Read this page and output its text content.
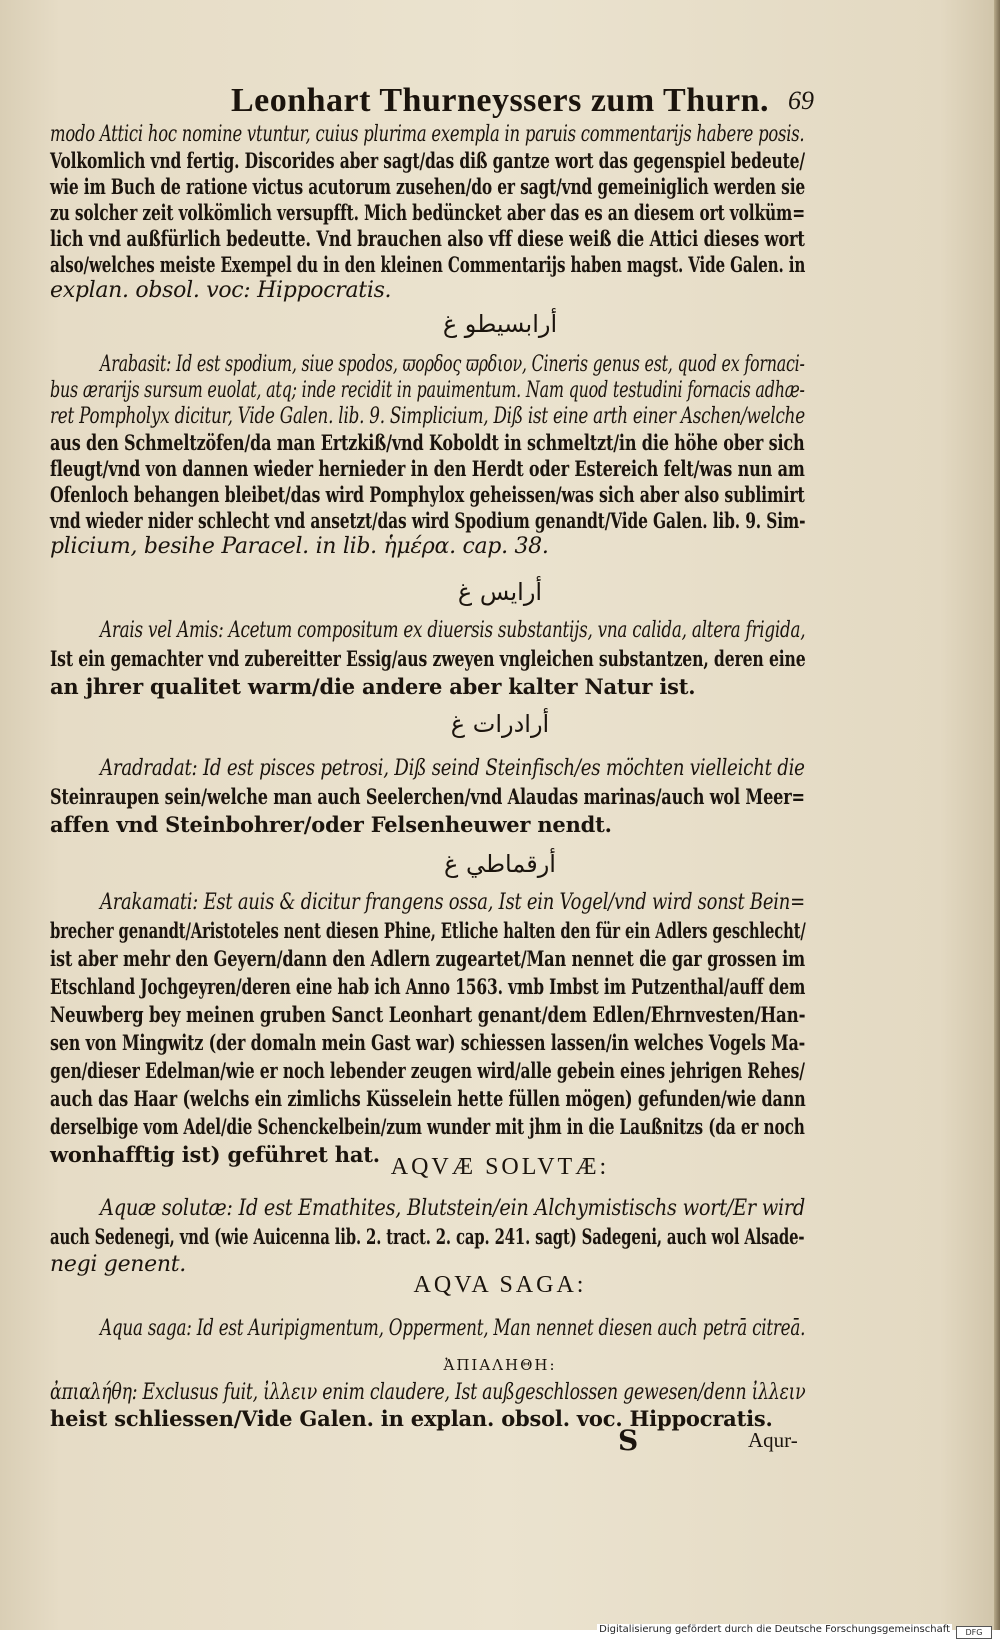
Leonhart Thurneyssers zum Thurn. 69
modo Attici hoc nomine vtuntur, cuius plurima exempla in paruis commentarijs habere posis.
Volkomlich vnd fertig. Discorides aber sagt/das diß gantze wort das gegenspiel bedeute/
wie im Buch de ratione victus acutorum zusehen/do er sagt/vnd gemeiniglich werden sie
zu solcher zeit volkömlich versupfft. Mich bedüncket aber das es an diesem ort volküm=
lich vnd außfürlich bedeutte. Vnd brauchen also vff diese weiß die Attici dieses wort
also/welches meiste Exempel du in den kleinen Commentarijs haben magst. Vide Galen. in
explan. obsol. voc: Hippocratis.
أرابسيطو ﻍ
Arabasit: Id est spodium, siue spodos, ϖορδος ϖρδιον, Cineris genus est, quod ex fornaci-
bus ærarijs sursum euolat, atq; inde recidit in pauimentum. Nam quod testudini fornacis adhæ-
ret Pompholyx dicitur, Vide Galen. lib. 9. Simplicium, Diß ist eine arth einer Aschen/welche
aus den Schmeltzöfen/da man Ertzkiß/vnd Koboldt in schmeltzt/in die höhe ober sich
fleugt/vnd von dannen wieder hernieder in den Herdt oder Estereich felt/was nun am
Ofenloch behangen bleibet/das wird Pomphylox geheissen/was sich aber also sublimirt
vnd wieder nider schlecht vnd ansetzt/das wird Spodium genandt/Vide Galen. lib. 9. Sim-
plicium, besihe Paracel. in lib. ἡμέρα. cap. 38.
أرايس ﻍ
Arais vel Amis: Acetum compositum ex diuersis substantijs, vna calida, altera frigida,
Ist ein gemachter vnd zubereitter Essig/aus zweyen vngleichen substantzen, deren eine
an jhrer qualitet warm/die andere aber kalter Natur ist.
أرادرات ﻍ
Aradradat: Id est pisces petrosi, Diß seind Steinfisch/es möchten vielleicht die
Steinraupen sein/welche man auch Seelerchen/vnd Alaudas marinas/auch wol Meer=
affen vnd Steinbohrer/oder Felsenheuwer nendt.
أرقماطي ﻍ
Arakamati: Est auis & dicitur frangens ossa, Ist ein Vogel/vnd wird sonst Bein=
brecher genandt/Aristoteles nent diesen Phine, Etliche halten den für ein Adlers geschlecht/
ist aber mehr den Geyern/dann den Adlern zugeartet/Man nennet die gar grossen im
Etschland Jochgeyren/deren eine hab ich Anno 1563. vmb Imbst im Putzenthal/auff dem
Neuwberg bey meinen gruben Sanct Leonhart genant/dem Edlen/Ehrnvesten/Han-
sen von Mingwitz (der domaln mein Gast war) schiessen lassen/in welches Vogels Ma-
gen/dieser Edelman/wie er noch lebender zeugen wird/alle gebein eines jehrigen Rehes/
auch das Haar (welchs ein zimlichs Küsselein hette füllen mögen) gefunden/wie dann
derselbige vom Adel/die Schenckelbein/zum wunder mit jhm in die Laußnitzs (da er noch
wonhafftig ist) geführet hat. AQVÆ SOLVTÆ:
Aquæ solutæ: Id est Emathites, Blutstein/ein Alchymistischs wort/Er wird
auch Sedenegi, vnd (wie Auicenna lib. 2. tract. 2. cap. 241. sagt) Sadegeni, auch wol Alsade-
negi genent.
AQVA SAGA:
Aqua saga: Id est Auripigmentum, Opperment, Man nennet diesen auch petrā citreā.
ἈΠΙΑΛΗΘΗ:
ἀπιαλήθη: Exclusus fuit, ἰλλειν enim claudere, Ist außgeschlossen gewesen/denn ἰλλειν
heist schliessen/Vide Galen. in explan. obsol. voc. Hippocratis.
S	Aqur-
Digitalisierung gefördert durch die Deutsche Forschungsgemeinschaft	DFG
